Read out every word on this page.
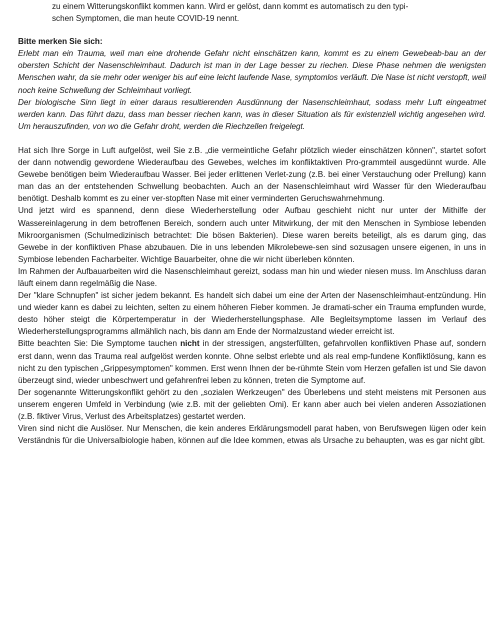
zu einem Witterungskonflikt kommen kann. Wird er gelöst, dann kommt es automatisch zu den typi-

schen Symptomen, die man heute COVID-19 nennt.

Bitte merken Sie sich:

Erlebt man ein Trauma, weil man eine drohende Gefahr nicht einschätzen kann, kommt es zu einem Gewebeab-bau an der obersten Schicht der Nasenschleimhaut. Dadurch ist man in der Lage besser zu riechen. Diese Phase nehmen die wenigsten Menschen wahr, da sie mehr oder weniger bis auf eine leicht laufende Nase, symptomlos verläuft. Die Nase ist nicht verstopft, weil noch keine Schwellung der Schleimhaut vorliegt.

Der biologische Sinn liegt in einer daraus resultierenden Ausdünnung der Nasenschleimhaut, sodass mehr Luft eingeatmet werden kann. Das führt dazu, dass man besser riechen kann, was in dieser Situation als für existenziell wichtig angesehen wird. Um herauszufinden, von wo die Gefahr droht, werden die Riechzellen freigelegt.

Hat sich Ihre Sorge in Luft aufgelöst, weil Sie z.B. „die vermeintliche Gefahr plötzlich wieder einschätzen können", startet sofort der dann notwendig gewordene Wiederaufbau des Gewebes, welches im konfliktaktiven Pro-grammteil ausgedünnt wurde. Alle Gewebe benötigen beim Wiederaufbau Wasser. Bei jeder erlittenen Verlet-zung (z.B. bei einer Verstauchung oder Prellung) kann man das an der entstehenden Schwellung beobachten. Auch an der Nasenschleimhaut wird Wasser für den Wiederaufbau benötigt. Deshalb kommt es zu einer ver-stopften Nase mit einer verminderten Geruchswahrnehmung.

Und jetzt wird es spannend, denn diese Wiederherstellung oder Aufbau geschieht nicht nur unter der Mithilfe der Wassereinlagerung in dem betroffenen Bereich, sondern auch unter Mitwirkung, der mit den Menschen in Symbiose lebenden Mikroorganismen (Schulmedizinisch betrachtet: Die bösen Bakterien). Diese waren bereits beteiligt, als es darum ging, das Gewebe in der konfliktiven Phase abzubauen. Die in uns lebenden Mikrolebewe-sen sind sozusagen unsere eigenen, in uns in Symbiose lebenden Facharbeiter. Wichtige Bauarbeiter, ohne die wir nicht überleben könnten.

Im Rahmen der Aufbauarbeiten wird die Nasenschleimhaut gereizt, sodass man hin und wieder niesen muss. Im Anschluss daran läuft einem dann regelmäßig die Nase.

Der "klare Schnupfen" ist sicher jedem bekannt. Es handelt sich dabei um eine der Arten der Nasenschleimhaut-entzündung. Hin und wieder kann es dabei zu leichten, selten zu einem höheren Fieber kommen. Je dramati-scher ein Trauma empfunden wurde, desto höher steigt die Körpertemperatur in der Wiederherstellungsphase. Alle Begleitsymptome lassen im Verlauf des Wiederherstellungsprogramms allmählich nach, bis dann am Ende der Normalzustand wieder erreicht ist.

Bitte beachten Sie: Die Symptome tauchen nicht in der stressigen, angsterfüllten, gefahrvollen konfliktiven Phase auf, sondern erst dann, wenn das Trauma real aufgelöst werden konnte. Ohne selbst erlebte und als real emp-fundene Konfliktlösung, kann es nicht zu den typischen „Grippesymptomen" kommen. Erst wenn Ihnen der be-rühmte Stein vom Herzen gefallen ist und Sie davon überzeugt sind, wieder unbeschwert und gefahrenfrei leben zu können, treten die Symptome auf.

Der sogenannte Witterungskonflikt gehört zu den „sozialen Werkzeugen" des Überlebens und steht meistens mit Personen aus unserem engeren Umfeld in Verbindung (wie z.B. mit der geliebten Omi). Er kann aber auch bei vielen anderen Assoziationen (z.B. fiktiver Virus, Verlust des Arbeitsplatzes) gestartet werden.

Viren sind nicht die Auslöser. Nur Menschen, die kein anderes Erklärungsmodell parat haben, von Berufswegen lügen oder kein Verständnis für die Universalbiologie haben, können auf die Idee kommen, etwas als Ursache zu behaupten, was es gar nicht gibt.
